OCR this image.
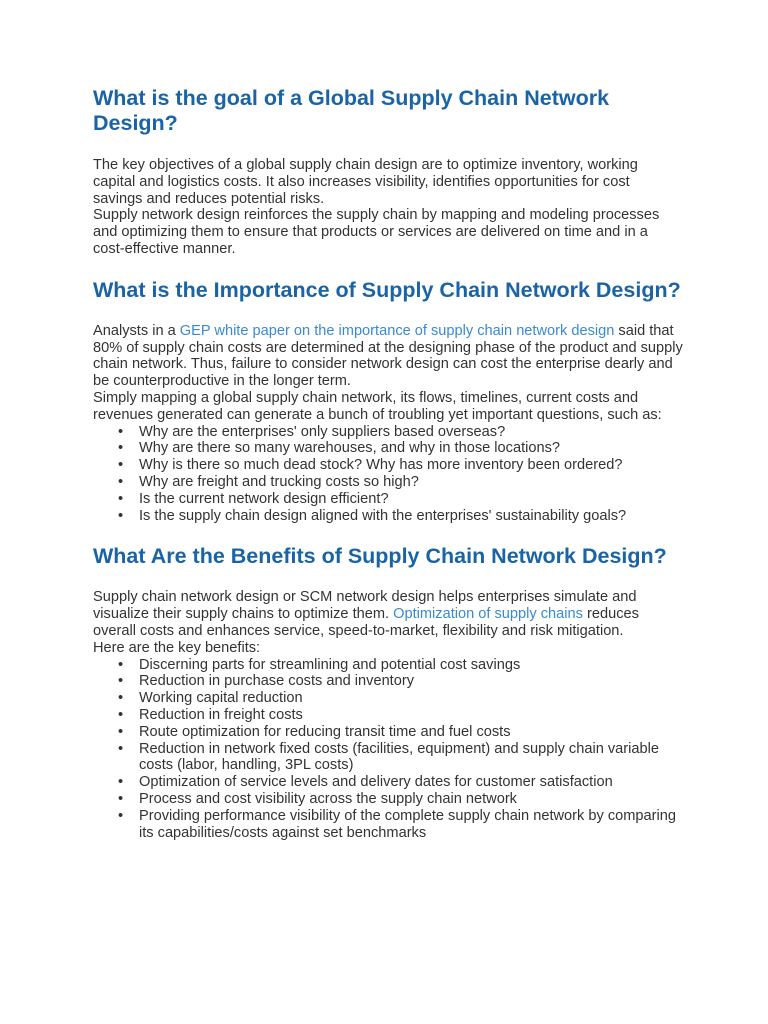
What is the goal of a Global Supply Chain Network Design?

The key objectives of a global supply chain design are to optimize inventory, working capital and logistics costs. It also increases visibility, identifies opportunities for cost savings and reduces potential risks.

Supply network design reinforces the supply chain by mapping and modeling processes and optimizing them to ensure that products or services are delivered on time and in a cost-effective manner.

What is the Importance of Supply Chain Network Design?

Analysts in a GEP white paper on the importance of supply chain network design said that 80% of supply chain costs are determined at the designing phase of the product and supply chain network. Thus, failure to consider network design can cost the enterprise dearly and be counterproductive in the longer term.

Simply mapping a global supply chain network, its flows, timelines, current costs and revenues generated can generate a bunch of troubling yet important questions, such as:

• Why are the enterprises' only suppliers based overseas?
• Why are there so many warehouses, and why in those locations?
• Why is there so much dead stock? Why has more inventory been ordered?
• Why are freight and trucking costs so high?
• Is the current network design efficient?
• Is the supply chain design aligned with the enterprises' sustainability goals?
What Are the Benefits of Supply Chain Network Design?

Supply chain network design or SCM network design helps enterprises simulate and visualize their supply chains to optimize them. Optimization of supply chains reduces overall costs and enhances service, speed-to-market, flexibility and risk mitigation.

Here are the key benefits:

• Discerning parts for streamlining and potential cost savings
• Reduction in purchase costs and inventory
• Working capital reduction
• Reduction in freight costs
• Route optimization for reducing transit time and fuel costs
• Reduction in network fixed costs (facilities, equipment) and supply chain variable costs (labor, handling, 3PL costs)
• Optimization of service levels and delivery dates for customer satisfaction
• Process and cost visibility across the supply chain network
• Providing performance visibility of the complete supply chain network by comparing its capabilities/costs against set benchmarks
